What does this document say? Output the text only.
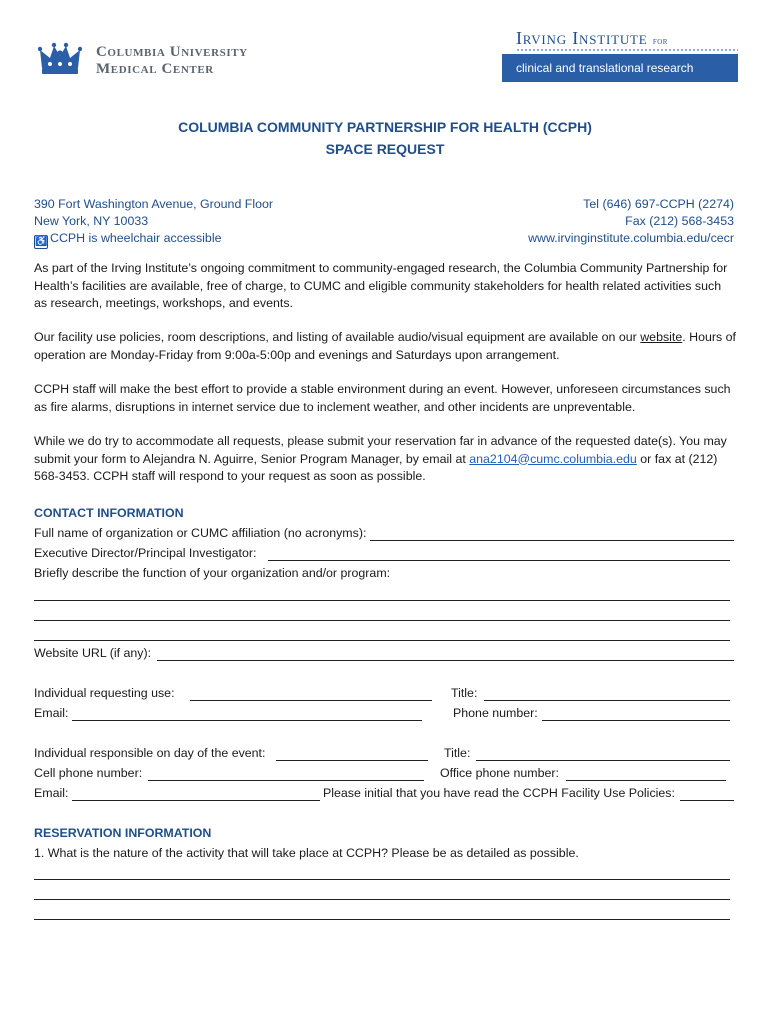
Columbia University
Medical Center
Irving Institute for
clinical and translational research
COLUMBIA COMMUNITY PARTNERSHIP FOR HEALTH (CCPH)
SPACE REQUEST
390 Fort Washington Avenue, Ground Floor
New York, NY 10033
♿ CCPH is wheelchair accessible
Tel (646) 697-CCPH (2274)
Fax (212) 568-3453
www.irvinginstitute.columbia.edu/cecr
As part of the Irving Institute’s ongoing commitment to community-engaged research, the Columbia Community Partnership for Health’s facilities are available, free of charge, to CUMC and eligible community stakeholders for health related activities such as research, meetings, workshops, and events.
Our facility use policies, room descriptions, and listing of available audio/visual equipment are available on our website. Hours of operation are Monday-Friday from 9:00a-5:00p and evenings and Saturdays upon arrangement.
CCPH staff will make the best effort to provide a stable environment during an event. However, unforeseen circumstances such as fire alarms, disruptions in internet service due to inclement weather, and other incidents are unpreventable.
While we do try to accommodate all requests, please submit your reservation far in advance of the requested date(s). You may submit your form to Alejandra N. Aguirre, Senior Program Manager, by email at ana2104@cumc.columbia.edu or fax at (212) 568-3453. CCPH staff will respond to your request as soon as possible.
CONTACT INFORMATION
Full name of organization or CUMC affiliation (no acronyms):
Executive Director/Principal Investigator:
Briefly describe the function of your organization and/or program:
Website URL (if any):
Individual requesting use:	Title:
Email:	Phone number:
Individual responsible on day of the event:	Title:
Cell phone number:	Office phone number:
Email:	Please initial that you have read the CCPH Facility Use Policies:
RESERVATION INFORMATION
1. What is the nature of the activity that will take place at CCPH? Please be as detailed as possible.
